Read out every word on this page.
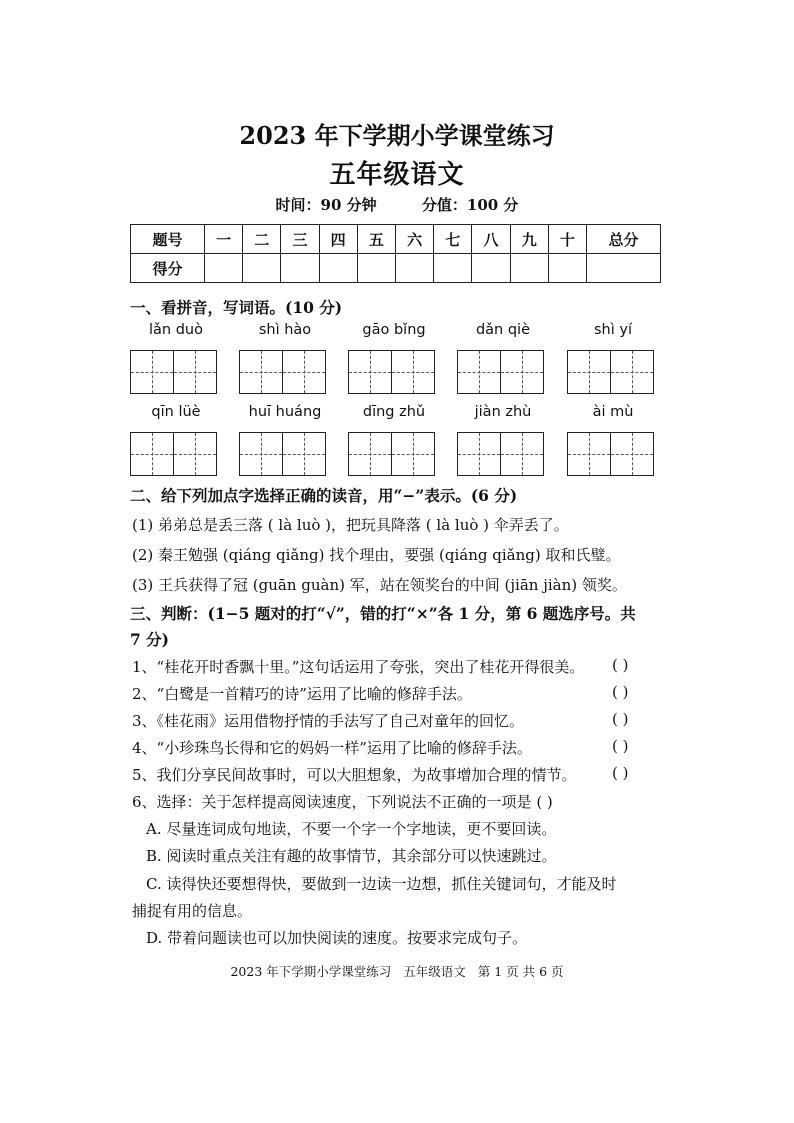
2023 年下学期小学课堂练习
五年级语文
时间：90 分钟	分值：100 分
题号	一	二	三	四	五	六	七	八	九	十	总分
得分											
一、看拼音，写词语。(10 分)
lǎn duò	shì hào	gāo bǐng	dǎn qiè	shì yí
qīn lüè	huī huáng	dīng zhǔ	jiàn zhù	ài mù
二、给下列加点字选择正确的读音，用“−”表示。(6 分)
(1) 弟弟总是丢三落 ( là luò )，把玩具降落 ( là luò ) 伞弄丢了。
(2) 秦王勉强 (qiáng qiǎng) 找个理由，要强 (qiáng qiǎng) 取和氏璧。
(3) 王兵获得了冠 (guān guàn) 军，站在领奖台的中间 (jiān jiàn) 领奖。
三、判断：(1−5 题对的打“√”，错的打“×”各 1 分，第 6 题选序号。共
7 分)
1、“桂花开时香飘十里。”这句话运用了夸张，突出了桂花开得很美。 ( )
2、“白鹭是一首精巧的诗”运用了比喻的修辞手法。	( )
3、《桂花雨》运用借物抒情的手法写了自己对童年的回忆。	( )
4、“小珍珠鸟长得和它的妈妈一样”运用了比喻的修辞手法。	( )
5、我们分享民间故事时，可以大胆想象，为故事增加合理的情节。 ( )
6、选择：关于怎样提高阅读速度，下列说法不正确的一项是 ( )
A. 尽量连词成句地读，不要一个字一个字地读，更不要回读。
B. 阅读时重点关注有趣的故事情节，其余部分可以快速跳过。
C. 读得快还要想得快，要做到一边读一边想，抓住关键词句，才能及时
捕捉有用的信息。
D. 带着问题读也可以加快阅读的速度。按要求完成句子。
2023 年下学期小学课堂练习 五年级语文 第 1 页 共 6 页
